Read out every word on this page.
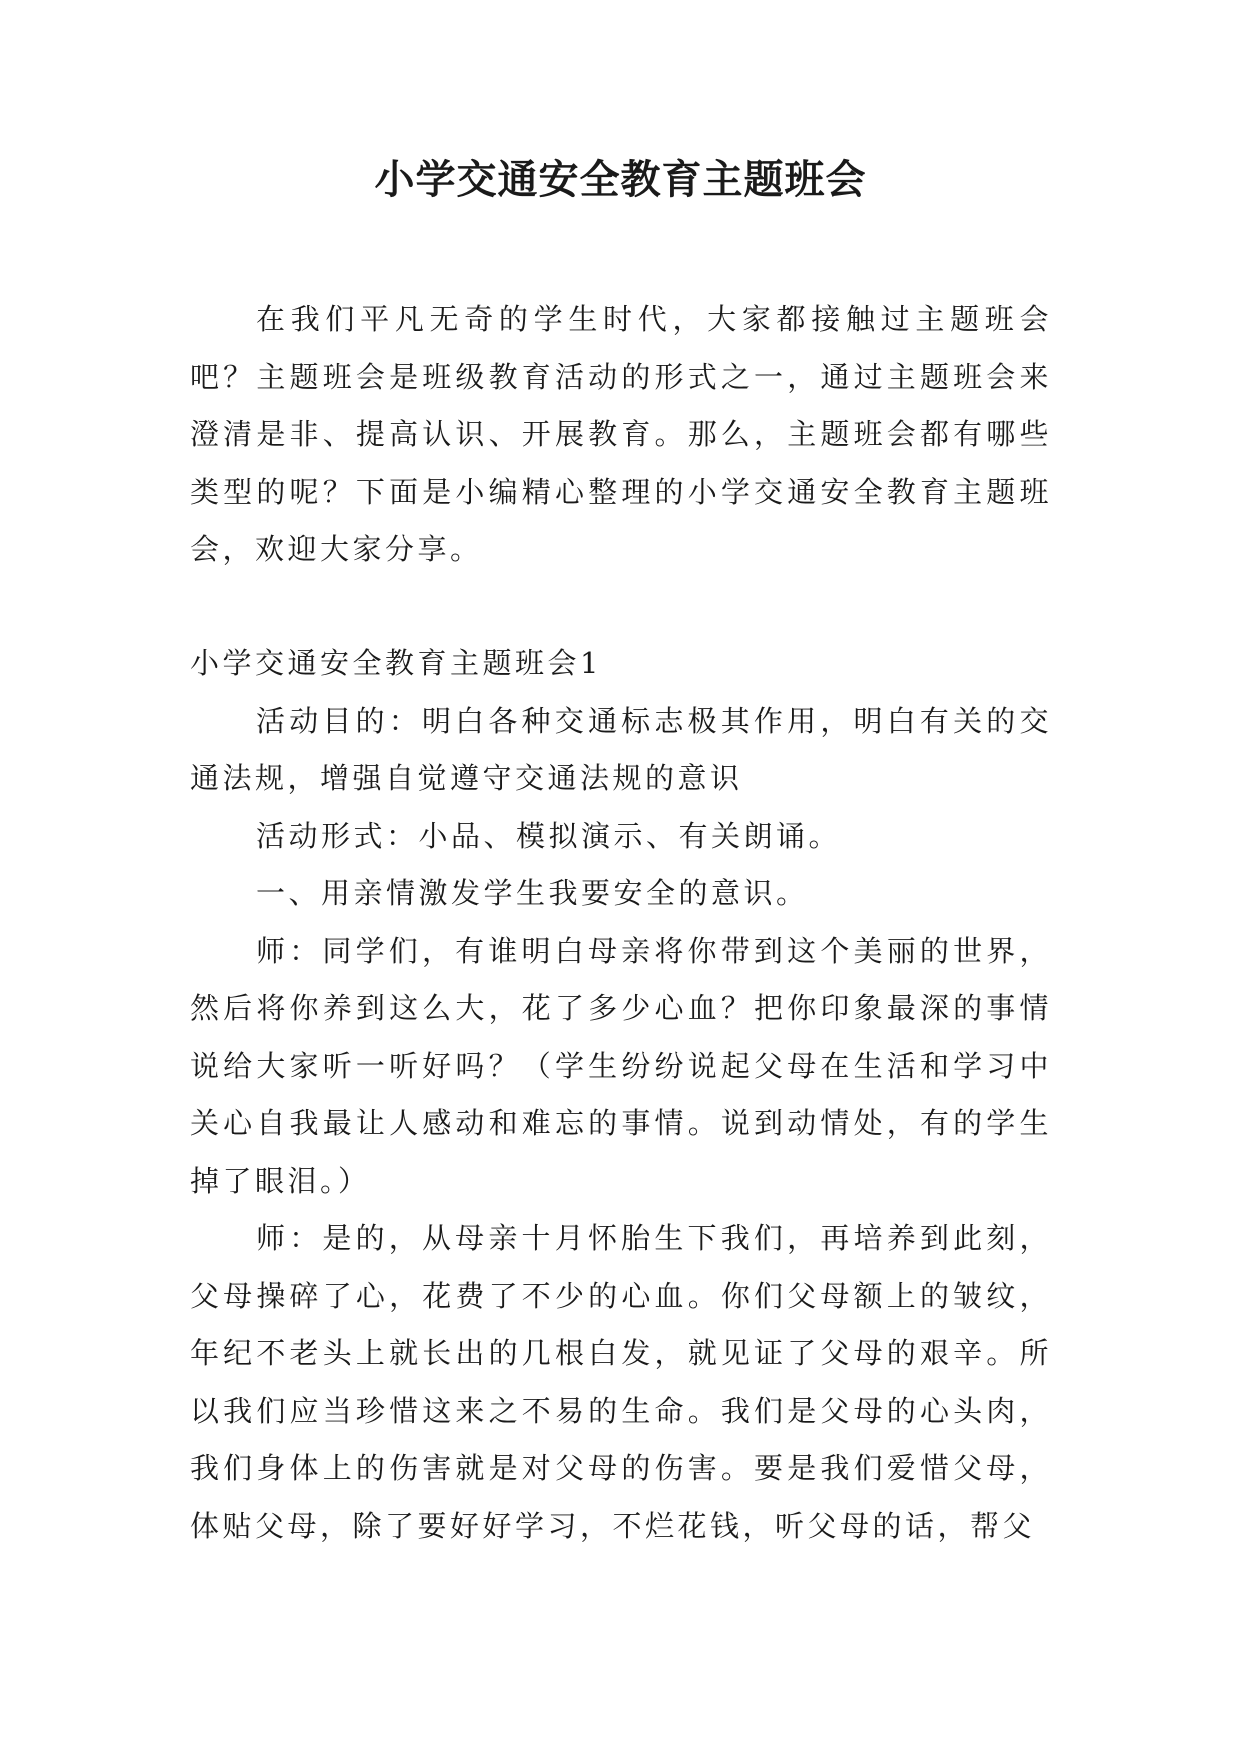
小学交通安全教育主题班会

在我们平凡无奇的学生时代，大家都接触过主题班会吧？主题班会是班级教育活动的形式之一，通过主题班会来澄清是非、提高认识、开展教育。那么，主题班会都有哪些类型的呢？下面是小编精心整理的小学交通安全教育主题班会，欢迎大家分享。

小学交通安全教育主题班会1

活动目的：明白各种交通标志极其作用，明白有关的交通法规，增强自觉遵守交通法规的意识

活动形式：小品、模拟演示、有关朗诵。

一、用亲情激发学生我要安全的意识。

师：同学们，有谁明白母亲将你带到这个美丽的世界，然后将你养到这么大，花了多少心血？把你印象最深的事情说给大家听一听好吗？（学生纷纷说起父母在生活和学习中关心自我最让人感动和难忘的事情。说到动情处，有的学生掉了眼泪。）

师：是的，从母亲十月怀胎生下我们，再培养到此刻，父母操碎了心，花费了不少的心血。你们父母额上的皱纹，年纪不老头上就长出的几根白发，就见证了父母的艰辛。所以我们应当珍惜这来之不易的生命。我们是父母的心头肉，我们身体上的伤害就是对父母的伤害。要是我们爱惜父母，体贴父母，除了要好好学习，不烂花钱，听父母的话，帮父
